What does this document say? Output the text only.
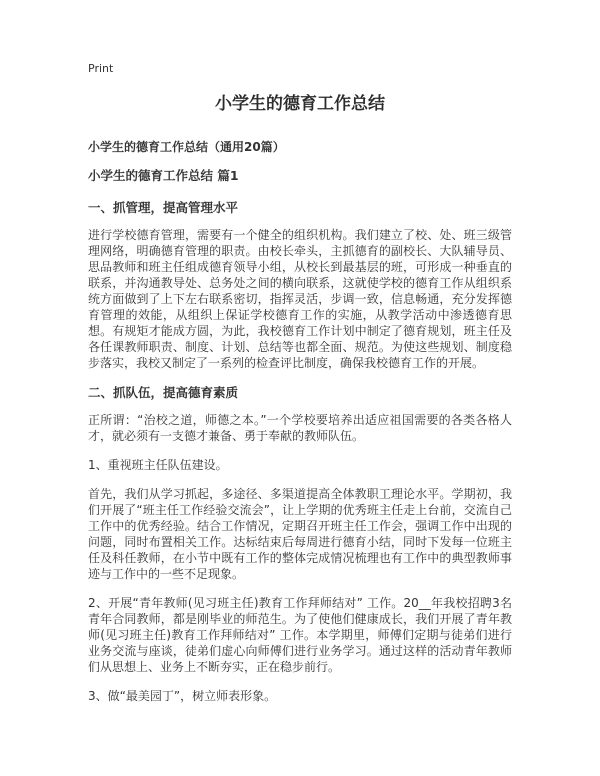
Print
小学生的德育工作总结

小学生的德育工作总结（通用20篇）

小学生的德育工作总结 篇1

一、抓管理，提高管理水平

进行学校德育管理，需要有一个健全的组织机构。我们建立了校、处、班三级管理网络，明确德育管理的职责。由校长牵头，主抓德育的副校长、大队辅导员、思品教师和班主任组成德育领导小组，从校长到最基层的班，可形成一种垂直的联系，并沟通教导处、总务处之间的横向联系，这就使学校的德育工作从组织系统方面做到了上下左右联系密切，指挥灵活，步调一致，信息畅通，充分发挥德育管理的效能，从组织上保证学校德育工作的实施，从教学活动中渗透德育思想。有规矩才能成方圆，为此，我校德育工作计划中制定了德育规划，班主任及各任课教师职责、制度、计划、总结等也都全面、规范。为使这些规划、制度稳步落实，我校又制定了一系列的检查评比制度，确保我校德育工作的开展。

二、抓队伍，提高德育素质

正所谓：“治校之道，师德之本。”一个学校要培养出适应祖国需要的各类各格人才，就必须有一支德才兼备、勇于奉献的教师队伍。

1、重视班主任队伍建设。

首先，我们从学习抓起，多途径、多渠道提高全体教职工理论水平。学期初，我们开展了“班主任工作经验交流会”，让上学期的优秀班主任走上台前，交流自己工作中的优秀经验。结合工作情况，定期召开班主任工作会，强调工作中出现的问题，同时布置相关工作。达标结束后每周进行德育小结，同时下发每一位班主任及科任教师，在小节中既有工作的整体完成情况梳理也有工作中的典型教师事迹与工作中的一些不足现象。

2、开展“青年教师(见习班主任)教育工作拜师结对” 工作。20__年我校招聘3名青年合同教师，都是刚毕业的师范生。为了使他们健康成长，我们开展了青年教师(见习班主任)教育工作拜师结对” 工作。本学期里，师傅们定期与徒弟们进行业务交流与座谈，徒弟们虚心向师傅们进行业务学习。通过这样的活动青年教师们从思想上、业务上不断夯实，正在稳步前行。

3、做“最美园丁”，树立师表形象。
